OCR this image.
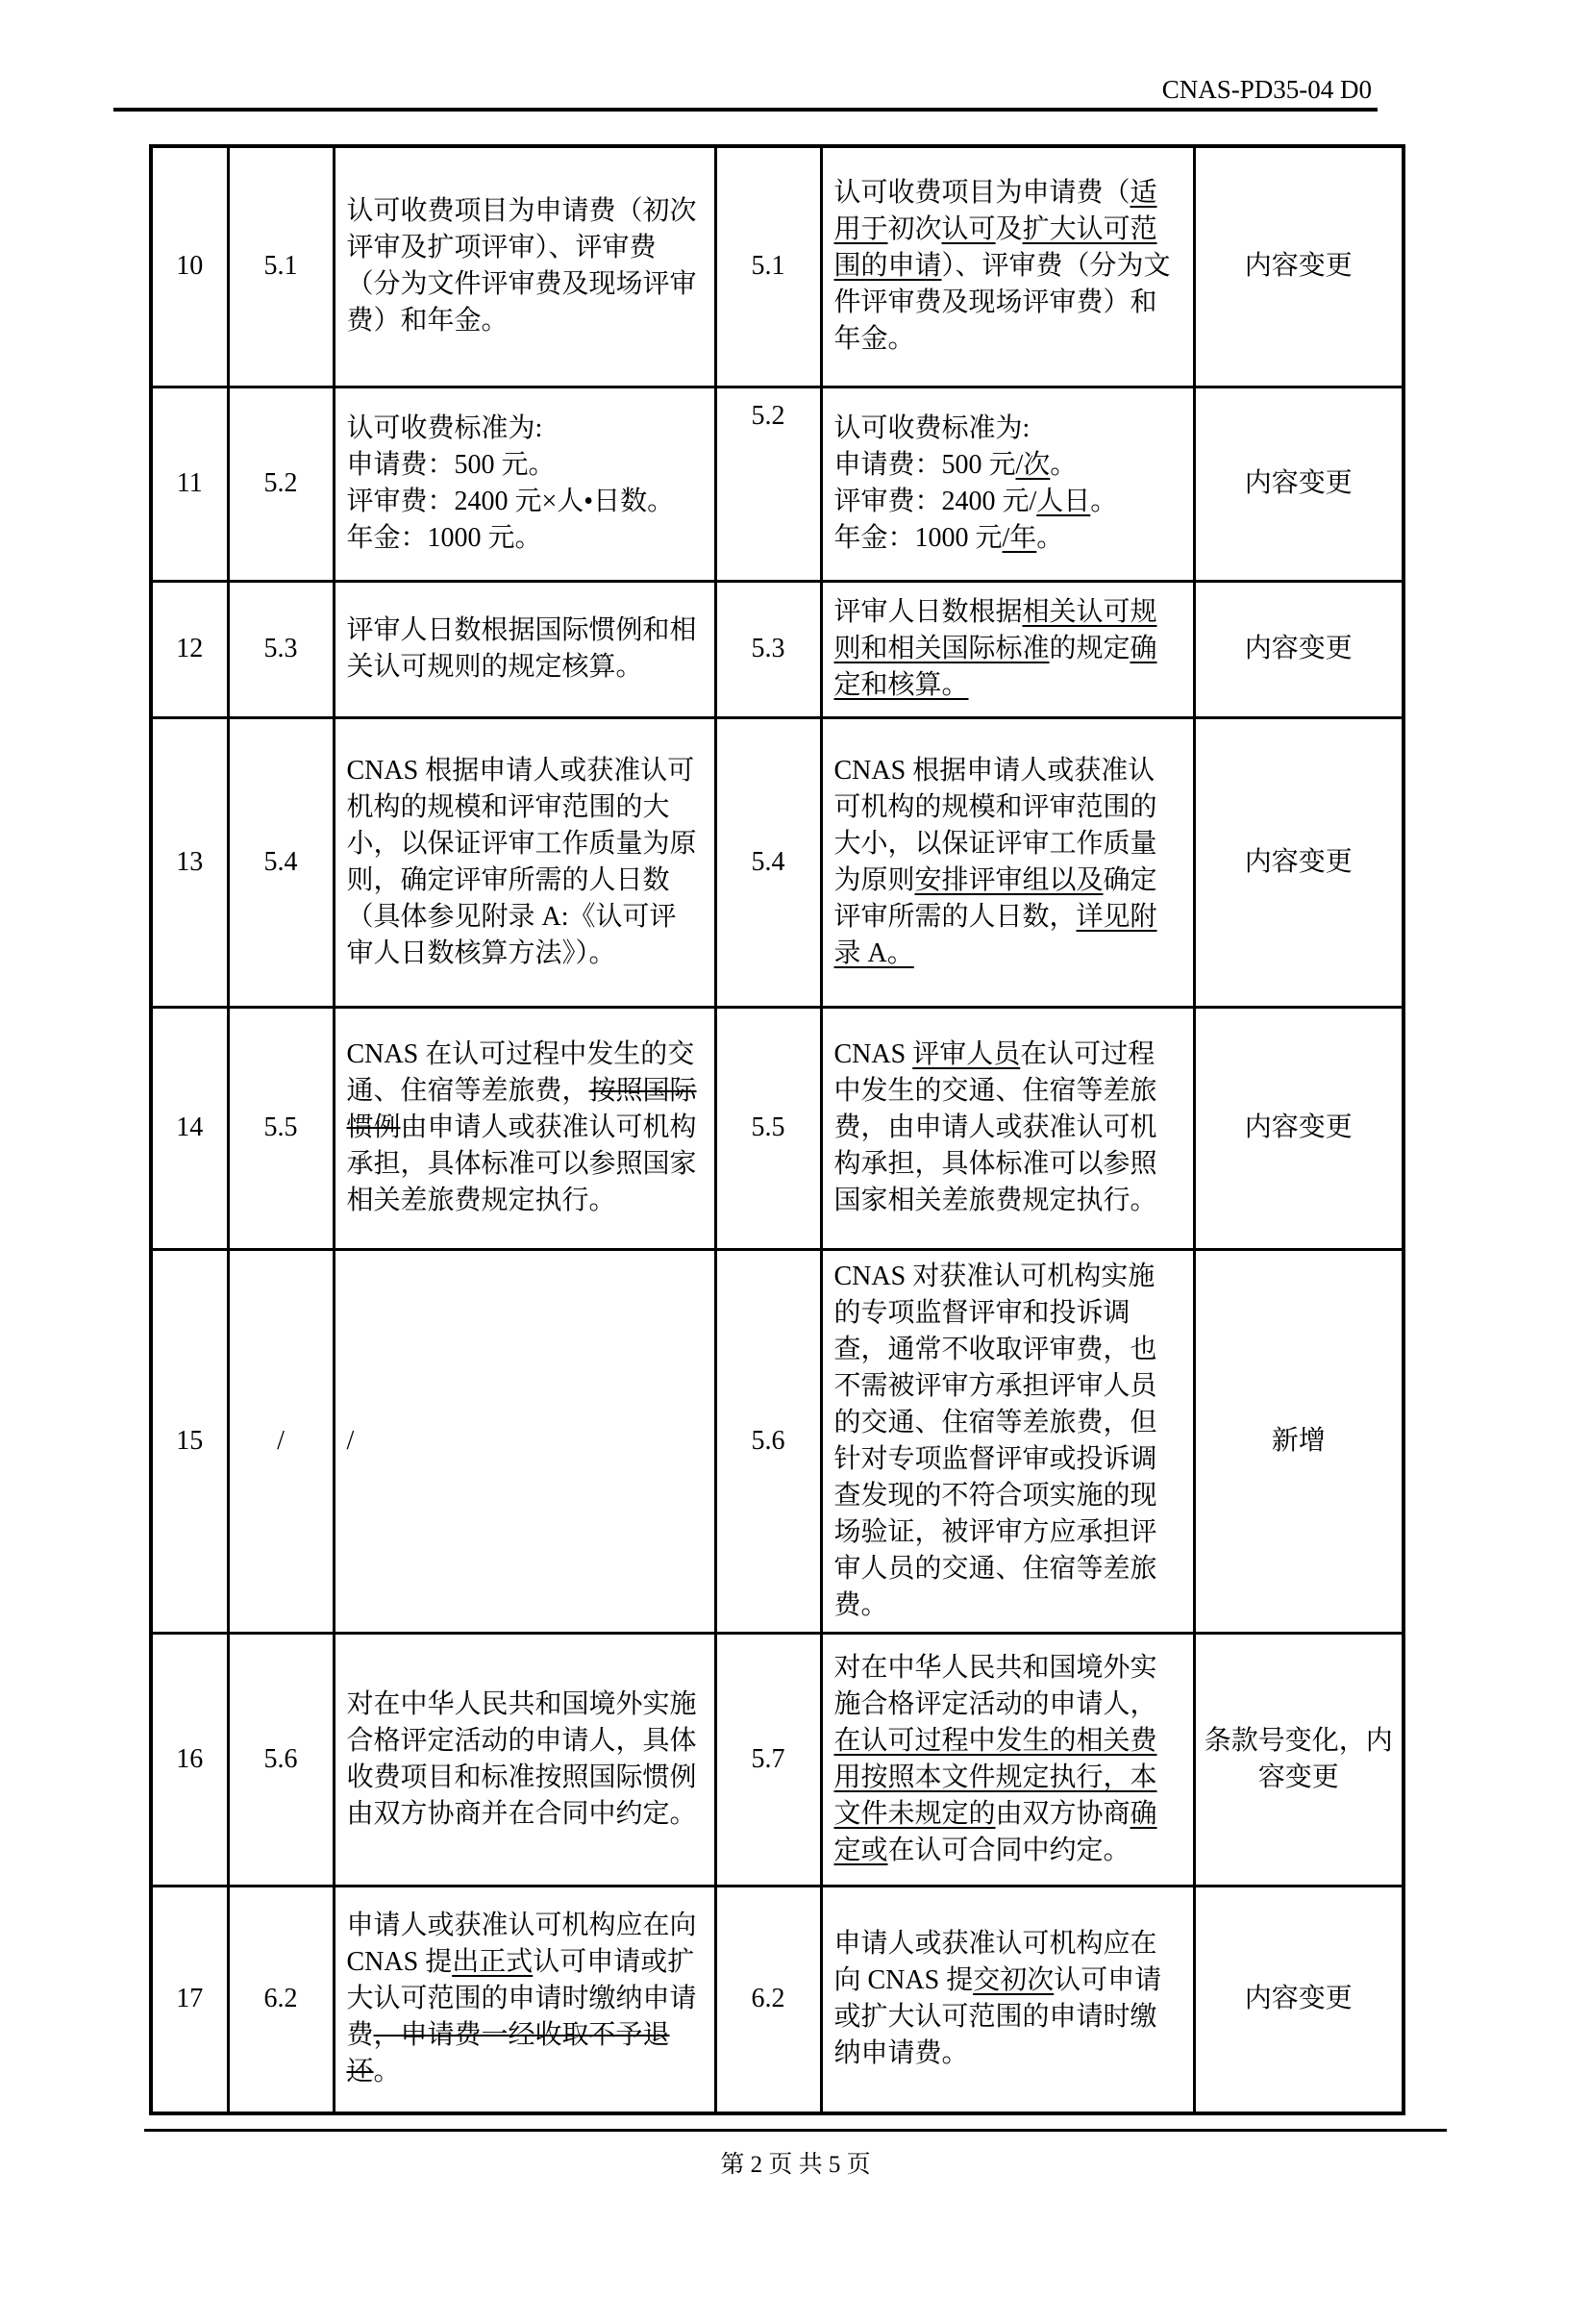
CNAS-PD35-04 D0
10	5.1	认可收费项目为申请费（初次评审及扩项评审）、评审费（分为文件评审费及现场评审费）和年金。	5.1	认可收费项目为申请费（适用于初次认可及扩大认可范围的申请）、评审费（分为文件评审费及现场评审费）和年金。	内容变更
11	5.2	认可收费标准为:
申请费：500 元。
评审费：2400 元×人•日数。
年金：1000 元。	5.2	认可收费标准为:
申请费：500 元/次。
评审费：2400 元/人日。
年金：1000 元/年。	内容变更
12	5.3	评审人日数根据国际惯例和相关认可规则的规定核算。	5.3	评审人日数根据相关认可规则和相关国际标准的规定确定和核算。	内容变更
13	5.4	CNAS 根据申请人或获准认可机构的规模和评审范围的大小，以保证评审工作质量为原则，确定评审所需的人日数（具体参见附录 A:《认可评审人日数核算方法》）。	5.4	CNAS 根据申请人或获准认可机构的规模和评审范围的大小，以保证评审工作质量为原则安排评审组以及确定评审所需的人日数，详见附录 A。	内容变更
14	5.5	CNAS 在认可过程中发生的交通、住宿等差旅费，按照国际惯例由申请人或获准认可机构承担，具体标准可以参照国家相关差旅费规定执行。	5.5	CNAS 评审人员在认可过程中发生的交通、住宿等差旅费，由申请人或获准认可机构承担，具体标准可以参照国家相关差旅费规定执行。	内容变更
15	/	/	5.6	CNAS 对获准认可机构实施的专项监督评审和投诉调查，通常不收取评审费，也不需被评审方承担评审人员的交通、住宿等差旅费，但针对专项监督评审或投诉调查发现的不符合项实施的现场验证，被评审方应承担评审人员的交通、住宿等差旅费。	新增
16	5.6	对在中华人民共和国境外实施合格评定活动的申请人，具体收费项目和标准按照国际惯例由双方协商并在合同中约定。	5.7	对在中华人民共和国境外实施合格评定活动的申请人，在认可过程中发生的相关费用按照本文件规定执行，本文件未规定的由双方协商确定或在认可合同中约定。	条款号变化，内容变更
17	6.2	申请人或获准认可机构应在向 CNAS 提出正式认可申请或扩大认可范围的申请时缴纳申请费，申请费一经收取不予退还。	6.2	申请人或获准认可机构应在向 CNAS 提交初次认可申请或扩大认可范围的申请时缴纳申请费。	内容变更
第 2 页 共 5 页
